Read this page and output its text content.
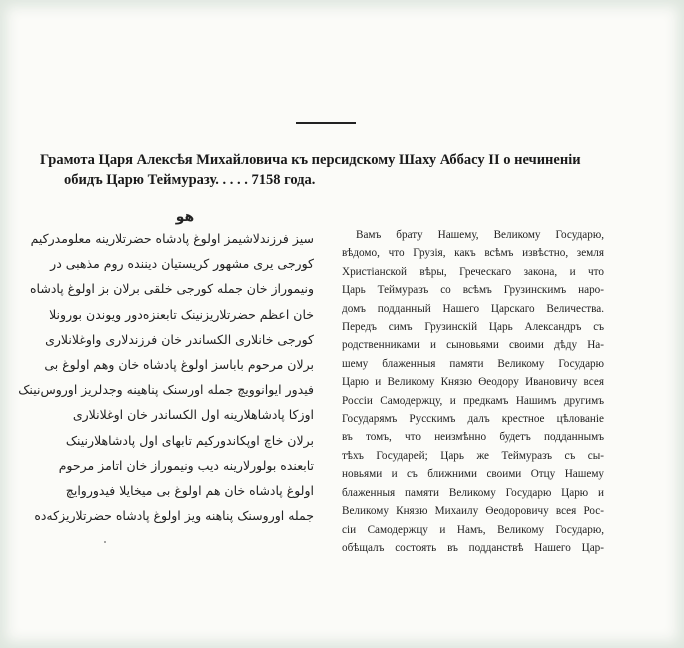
Грамота Царя Алексѣя Михайловича къ персидскому Шаху Аббасу II о нечиненіи
обидъ Царю Теймуразу. . . . . 7158 года.
هو
سیز فرزندلاشیمز اولوغ پادشاه حضرتلارینه معلومدرکیم
کورجی یری مشهور کریستیان دیننده روم مذهبی در
ونیموراز خان جمله کورجی خلقی برلان بز اولوغ پادشاه
خان اعظم حضرتلاریزنینک تابعنزه‌دور ویوندن بورونلا
کورجی خانلاری الکساندر خان فرزندلاری واوغلانلاری
برلان مرحوم باباسز اولوغ پادشاه خان وهم اولوغ بی
فیدور ایوانوویچ جمله اورسنک پناهینه وجدلریز اوروس‌نینک
اوزکا پادشاهلارینه اول الکساندر خان اوغلانلاری
برلان خاچ اوپکاندورکیم تابهای اول پادشاهلارنینک
تابعنده بولورلارینه دیب ونیموراز خان اتامز مرحوم
اولوغ پادشاه خان هم اولوغ بی میخایلا فیدوروایچ
جمله اوروسنک پناهنه ویز اولوغ پادشاه حضرتلاریزکه‌ده
Вамъ брату Нашему, Великому Государю,
вѣдомо, что Грузія, какъ всѣмъ извѣстно, земля
Христіанской вѣры, Греческаго закона, и что
Царь Теймуразъ со всѣмъ Грузинскимъ наро-
домъ подданный Нашего Царскаго Величества.
Передъ симъ Грузинскій Царь Александръ съ
родственниками и сыновьями своими дѣду На-
шему блаженныя памяти Великому Государю
Царю и Великому Князю Өеодору Ивановичу всея
Россіи Самодержцу, и предкамъ Нашимъ другимъ
Государямъ Русскимъ далъ крестное цѣлованіе
въ томъ, что неизмѣнно будетъ подданнымъ
тѣхъ Государей; Царь же Теймуразъ съ сы-
новьями и съ ближними своими Отцу Нашему
блаженныя памяти Великому Государю Царю и
Великому Князю Михаилу Өеодоровичу всея Рос-
сіи Самодержцу и Намъ, Великому Государю,
обѣщалъ состоять въ подданствѣ Нашего Цар-
